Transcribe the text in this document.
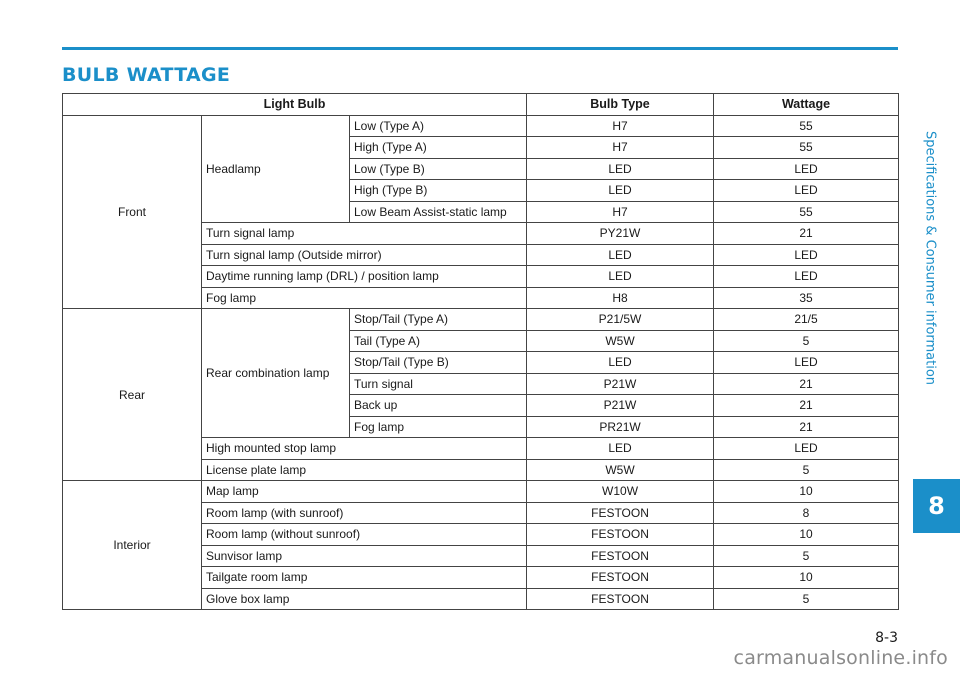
BULB WATTAGE
Light Bulb			Bulb Type	Wattage
Front	Headlamp	Low (Type A)	H7	55
		High (Type A)	H7	55
		Low (Type B)	LED	LED
		High (Type B)	LED	LED
		Low Beam Assist-static lamp	H7	55
	Turn signal lamp		PY21W	21
	Turn signal lamp (Outside mirror)		LED	LED
	Daytime running lamp (DRL) / position lamp		LED	LED
	Fog lamp		H8	35
Rear	Rear combination lamp	Stop/Tail (Type A)	P21/5W	21/5
		Tail (Type A)	W5W	5
		Stop/Tail (Type B)	LED	LED
		Turn signal	P21W	21
		Back up	P21W	21
		Fog lamp	PR21W	21
	High mounted stop lamp		LED	LED
	License plate lamp		W5W	5
Interior	Map lamp		W10W	10
	Room lamp (with sunroof)		FESTOON	8
	Room lamp (without sunroof)		FESTOON	10
	Sunvisor lamp		FESTOON	5
	Tailgate room lamp		FESTOON	10
	Glove box lamp		FESTOON	5
Specifications & Consumer information
8
8-3
carmanualsonline.info
